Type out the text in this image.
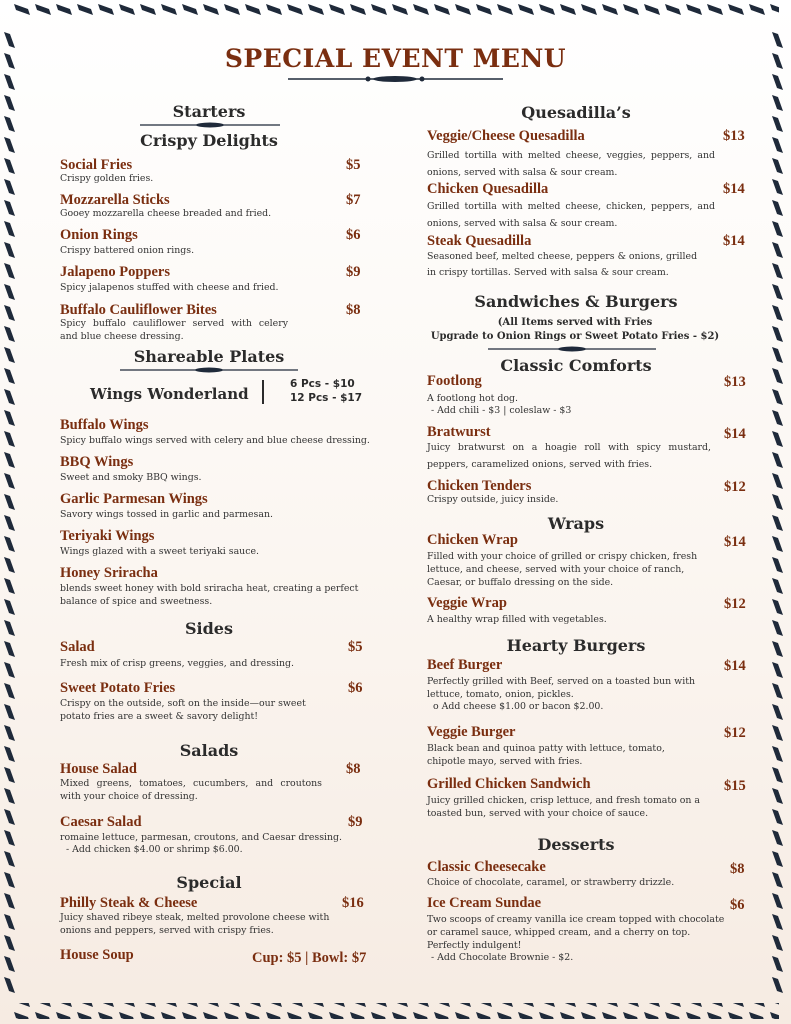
SPECIAL EVENT MENU
Starters
Crispy Delights
Social Fries	$5
Crispy golden fries.
Mozzarella Sticks	$7
Gooey mozzarella cheese breaded and fried.
Onion Rings	$6
Crispy battered onion rings.
Jalapeno Poppers	$9
Spicy jalapenos stuffed with cheese and fried.
Buffalo Cauliflower Bites	$8
Spicy buffalo cauliflower served with celery and blue cheese dressing.
Shareable Plates
Wings Wonderland
6 Pcs - $10
12 Pcs - $17
Buffalo Wings
Spicy buffalo wings served with celery and blue cheese dressing.
BBQ Wings
Sweet and smoky BBQ wings.
Garlic Parmesan Wings
Savory wings tossed in garlic and parmesan.
Teriyaki Wings
Wings glazed with a sweet teriyaki sauce.
Honey Sriracha
blends sweet honey with bold sriracha heat, creating a perfect balance of spice and sweetness.
Sides
Salad	$5
Fresh mix of crisp greens, veggies, and dressing.
Sweet Potato Fries	$6
Crispy on the outside, soft on the inside—our sweet potato fries are a sweet & savory delight!
Salads
House Salad	$8
Mixed greens, tomatoes, cucumbers, and croutons with your choice of dressing.
Caesar Salad	$9
romaine lettuce, parmesan, croutons, and Caesar dressing.
- Add chicken $4.00 or shrimp $6.00.
Special
Philly Steak & Cheese	$16
Juicy shaved ribeye steak, melted provolone cheese with onions and peppers, served with crispy fries.
House Soup	Cup: $5 | Bowl: $7
Quesadilla’s
Veggie/Cheese Quesadilla	$13
Grilled tortilla with melted cheese, veggies, peppers, and onions, served with salsa & sour cream.
Chicken Quesadilla	$14
Grilled tortilla with melted cheese, chicken, peppers, and onions, served with salsa & sour cream.
Steak Quesadilla	$14
Seasoned beef, melted cheese, peppers & onions, grilled in crispy tortillas. Served with salsa & sour cream.
Sandwiches & Burgers
(All Items served with Fries
Upgrade to Onion Rings or Sweet Potato Fries - $2)
Classic Comforts
Footlong	$13
A footlong hot dog.
- Add chili - $3 | coleslaw - $3
Bratwurst	$14
Juicy bratwurst on a hoagie roll with spicy mustard, peppers, caramelized onions, served with fries.
Chicken Tenders	$12
Crispy outside, juicy inside.
Wraps
Chicken Wrap	$14
Filled with your choice of grilled or crispy chicken, fresh lettuce, and cheese, served with your choice of ranch, Caesar, or buffalo dressing on the side.
Veggie Wrap	$12
A healthy wrap filled with vegetables.
Hearty Burgers
Beef Burger	$14
Perfectly grilled with Beef, served on a toasted bun with lettuce, tomato, onion, pickles.
o Add cheese $1.00 or bacon $2.00.
Veggie Burger	$12
Black bean and quinoa patty with lettuce, tomato, chipotle mayo, served with fries.
Grilled Chicken Sandwich	$15
Juicy grilled chicken, crisp lettuce, and fresh tomato on a toasted bun, served with your choice of sauce.
Desserts
Classic Cheesecake	$8
Choice of chocolate, caramel, or strawberry drizzle.
Ice Cream Sundae	$6
Two scoops of creamy vanilla ice cream topped with chocolate or caramel sauce, whipped cream, and a cherry on top. Perfectly indulgent!
- Add Chocolate Brownie - $2.
